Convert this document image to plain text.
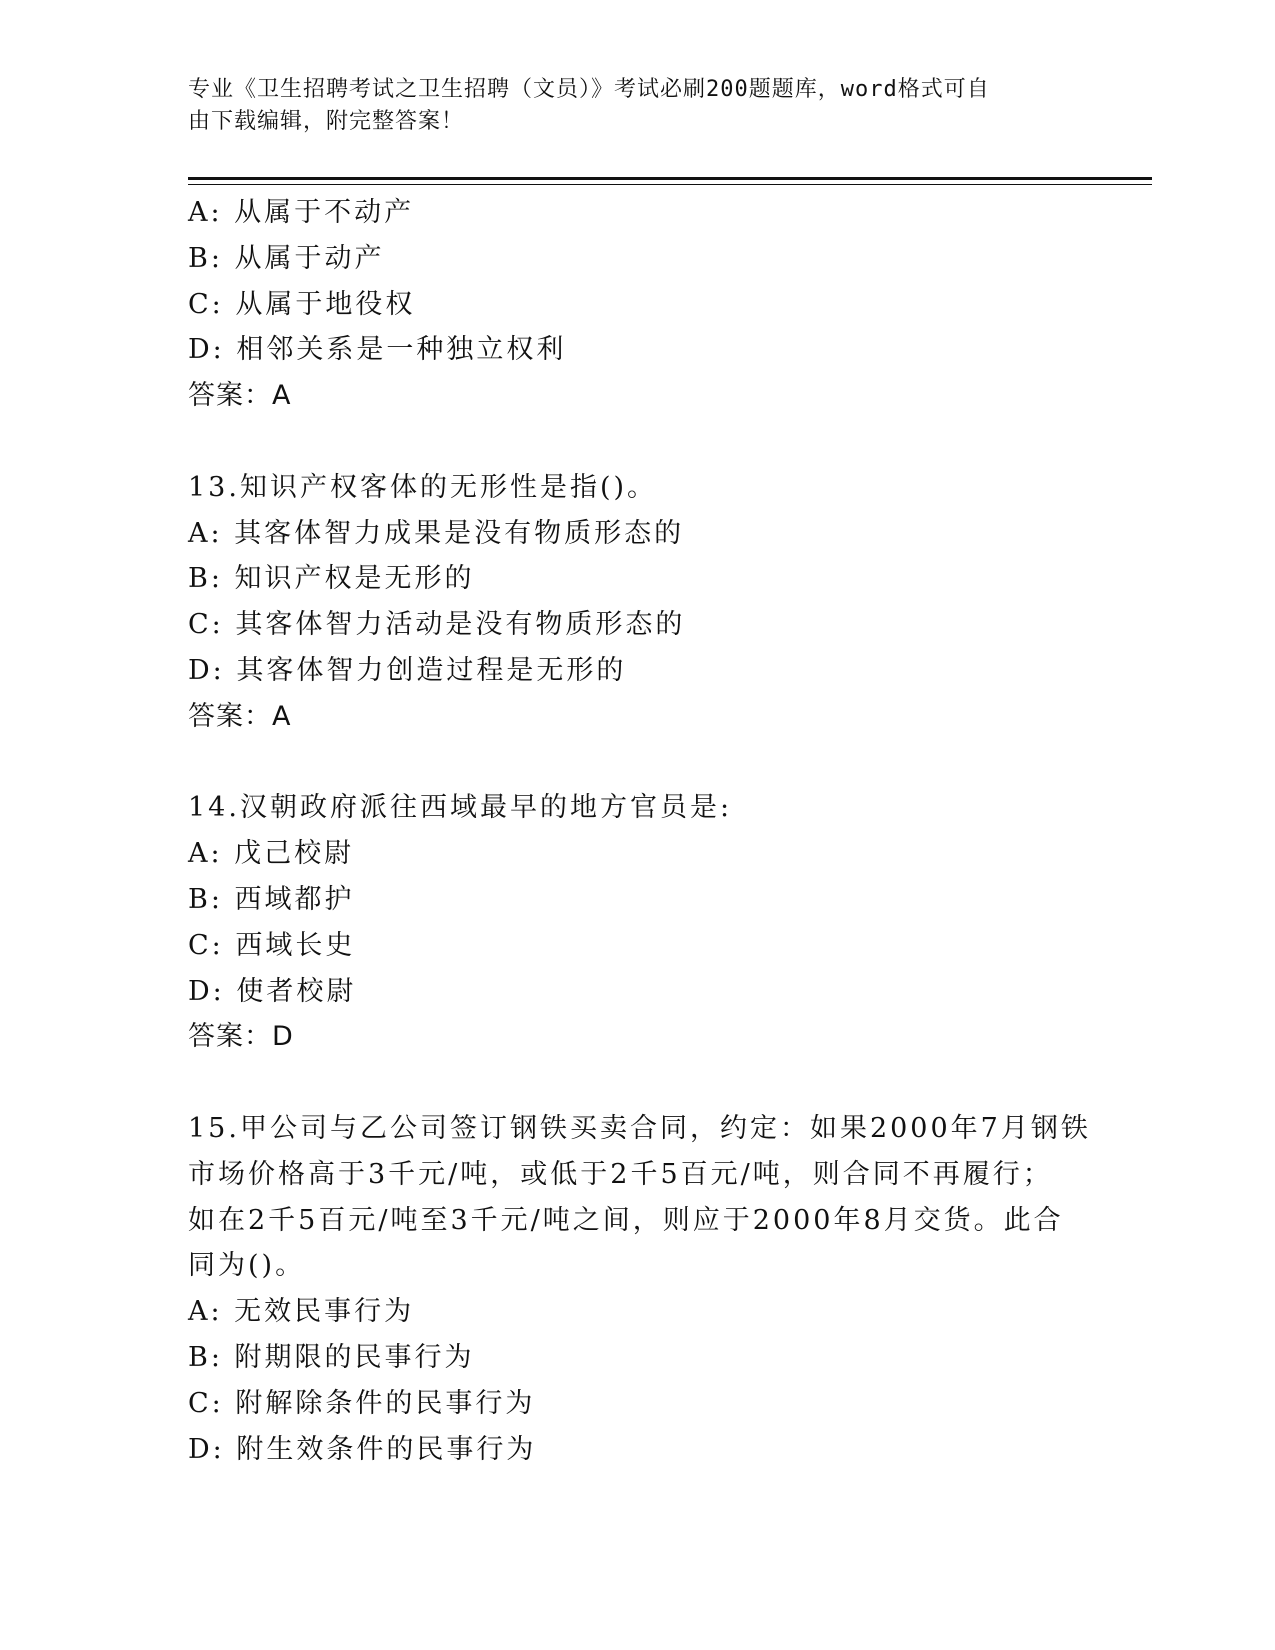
专业《卫生招聘考试之卫生招聘（文员）》考试必刷200题题库，word格式可自
由下载编辑，附完整答案！
A: 从属于不动产
B: 从属于动产
C: 从属于地役权
D: 相邻关系是一种独立权利
答案：A
13.知识产权客体的无形性是指()。
A: 其客体智力成果是没有物质形态的
B: 知识产权是无形的
C: 其客体智力活动是没有物质形态的
D: 其客体智力创造过程是无形的
答案：A
14.汉朝政府派往西域最早的地方官员是:
A: 戊己校尉
B: 西域都护
C: 西域长史
D: 使者校尉
答案：D
15.甲公司与乙公司签订钢铁买卖合同，约定：如果2000年7月钢铁
市场价格高于3千元/吨，或低于2千5百元/吨，则合同不再履行；
如在2千5百元/吨至3千元/吨之间，则应于2000年8月交货。此合
同为()。
A: 无效民事行为
B: 附期限的民事行为
C: 附解除条件的民事行为
D: 附生效条件的民事行为
